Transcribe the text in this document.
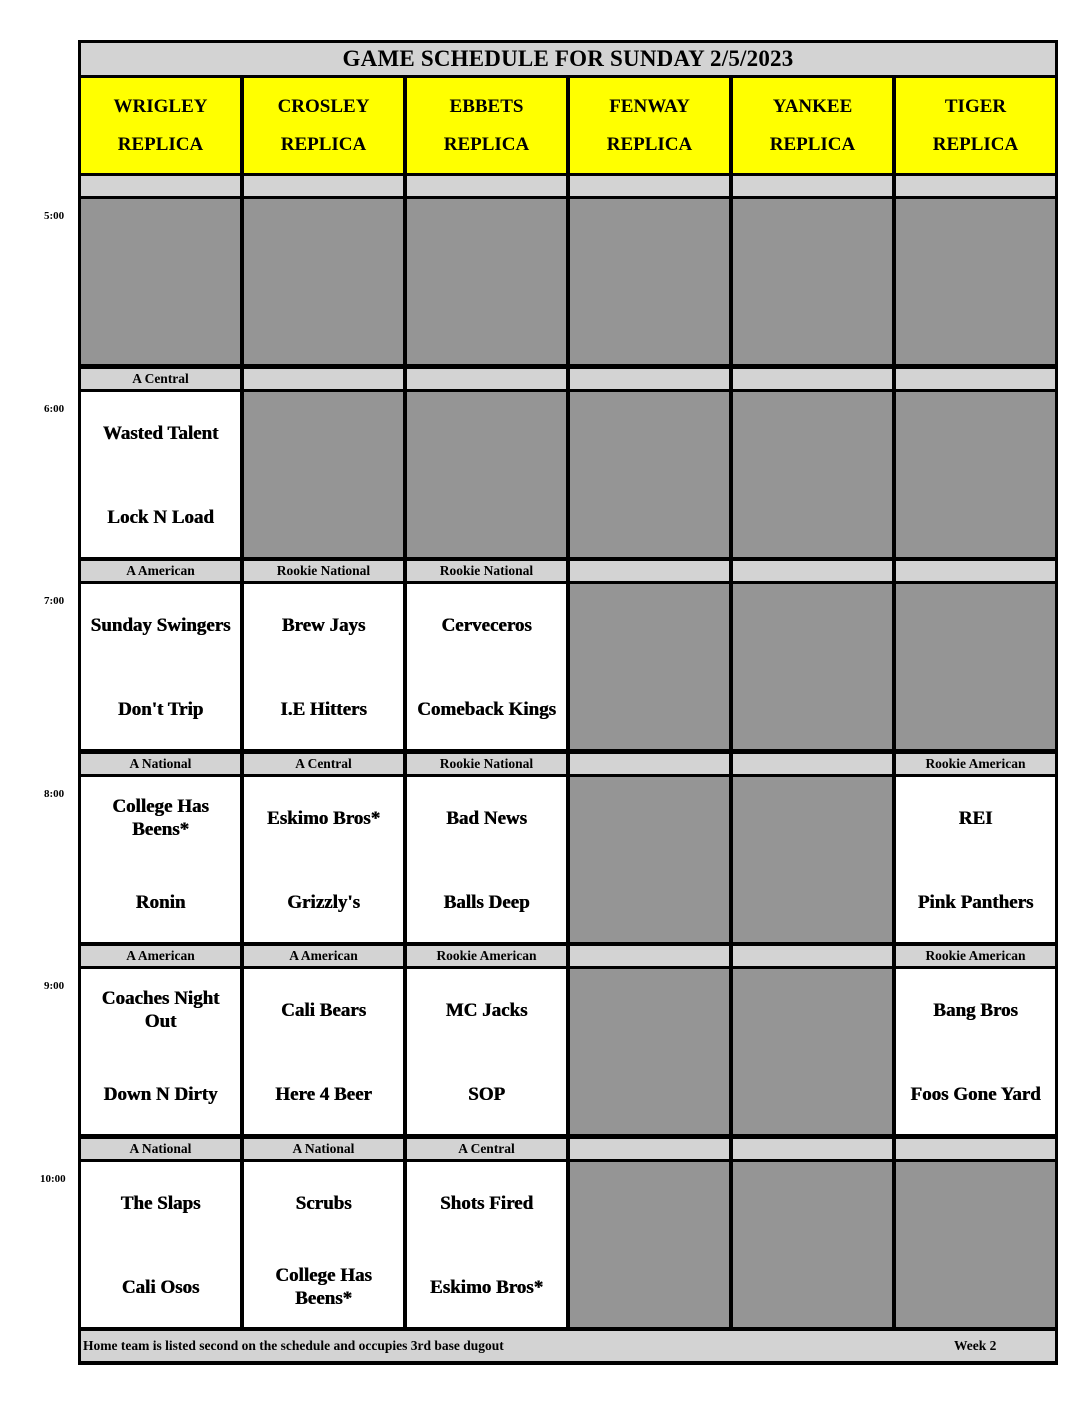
GAME SCHEDULE FOR SUNDAY 2/5/2023
WRIGLEY
REPLICA
CROSLEY
REPLICA
EBBETS
REPLICA
FENWAY
REPLICA
YANKEE
REPLICA
TIGER
REPLICA
A Central
Wasted Talent
Lock N Load
A American
Sunday Swingers
Don't Trip
Rookie National
Brew Jays
I.E Hitters
Rookie National
Cerveceros
Comeback Kings
A National
College Has Beens*
Ronin
A Central
Eskimo Bros*
Grizzly's
Rookie National
Bad News
Balls Deep
Rookie American
REI
Pink Panthers
A American
Coaches Night Out
Down N Dirty
A American
Cali Bears
Here 4 Beer
Rookie American
MC Jacks
SOP
Rookie American
Bang Bros
Foos Gone Yard
A National
The Slaps
Cali Osos
A National
Scrubs
College Has Beens*
A Central
Shots Fired
Eskimo Bros*
Home team is listed second on the schedule and occupies 3rd base dugout	Week 2
5:00
6:00
7:00
8:00
9:00
10:00
